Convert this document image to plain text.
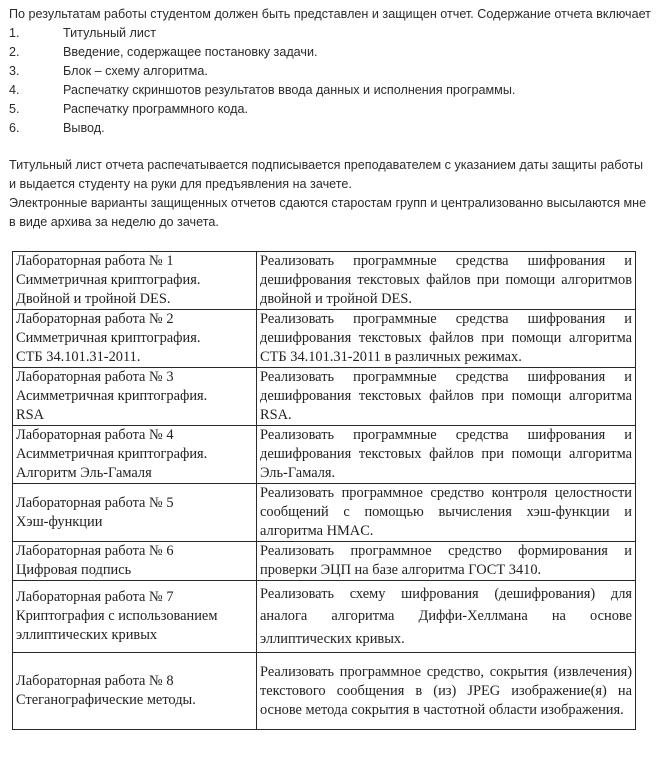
По результатам работы студентом должен быть представлен и защищен отчет. Содержание отчета включает
1.	Титульный лист
2.	Введение, содержащее постановку задачи.
3.	Блок – схему алгоритма.
4.	Распечатку скриншотов результатов ввода данных и исполнения программы.
5.	Распечатку программного кода.
6.	Вывод.

Титульный лист отчета распечатывается подписывается преподавателем с указанием даты защиты работы

и выдается студенту на руки для предъявления на зачете.

Электронные варианты защищенных отчетов сдаются старостам групп и централизованно высылаются мне

в виде архива за неделю до зачета.

Лабораторная работа № 1
Симметричная криптография.
Двойной и тройной DES.	Реализовать программные средства шифрования и дешифрования текстовых файлов при помощи алгоритмов двойной и тройной DES.

Лабораторная работа № 2
Симметричная криптография.
СТБ 34.101.31-2011.	Реализовать программные средства шифрования и дешифрования текстовых файлов при помощи алгоритма СТБ 34.101.31-2011 в различных режимах.

Лабораторная работа № 3
Асимметричная криптография.
RSA	Реализовать программные средства шифрования и дешифрования текстовых файлов при помощи алгоритма RSA.

Лабораторная работа № 4
Асимметричная криптография.
Алгоритм Эль-Гамаля	Реализовать программные средства шифрования и дешифрования текстовых файлов при помощи алгоритма Эль-Гамаля.

Лабораторная работа № 5
Хэш-функции	Реализовать программное средство контроля целостности сообщений с помощью вычисления хэш-функции и алгоритма HMAC.

Лабораторная работа № 6
Цифровая подпись	Реализовать программное средство формирования и проверки ЭЦП на базе алгоритма ГОСТ 3410.

Лабораторная работа № 7
Криптография с использованием
эллиптических кривых	Реализовать схему шифрования (дешифрования) для аналога алгоритма Диффи-Хеллмана на основе эллиптических кривых.

Лабораторная работа № 8
Стеганографические методы.	Реализовать программное средство, сокрытия (извлечения) текстового сообщения в (из) JPEG изображение(я) на основе метода сокрытия в частотной области изображения.
